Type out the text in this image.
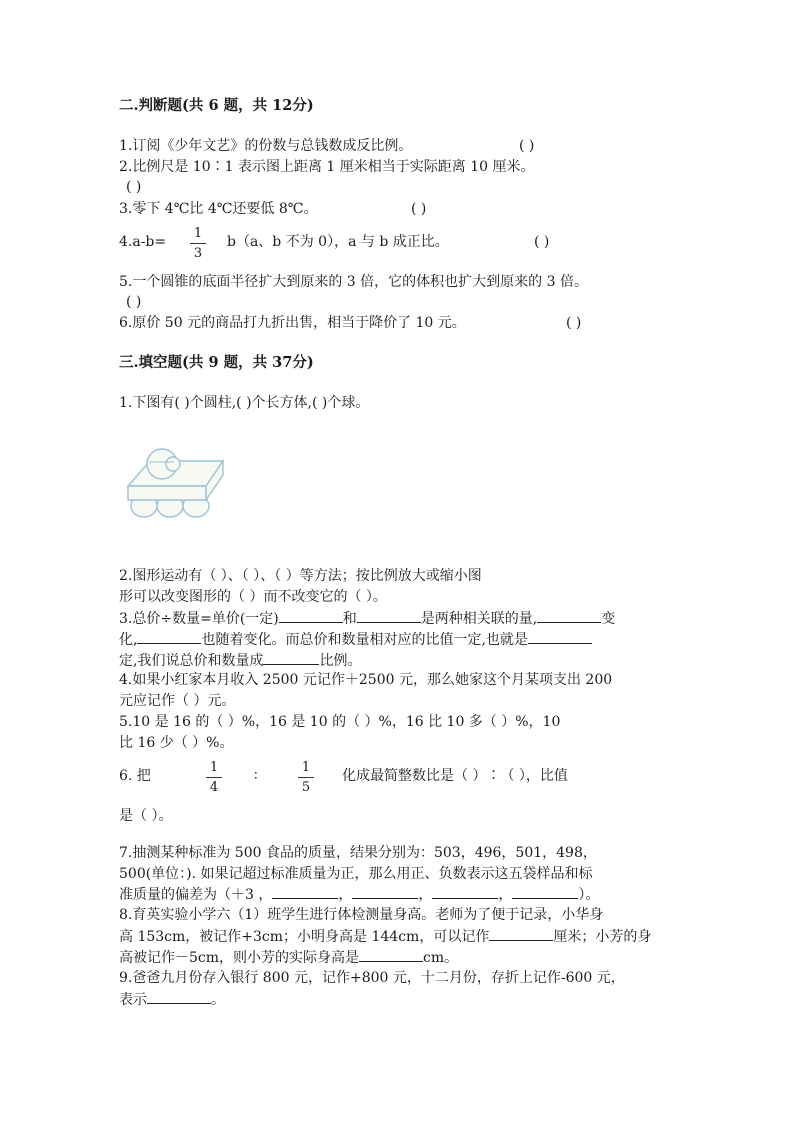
二.判断题(共 6 题，共 12分)
1.订阅《少年文艺》的份数与总钱数成反比例。	( )
2.比例尺是 10∶1 表示图上距离 1 厘米相当于实际距离 10 厘米。
( )
3.零下 4℃比 4℃还要低 8℃。	( )
4.a-b=
1
3
b（a、b 不为 0），a 与 b 成正比。	( )
5.一个圆锥的底面半径扩大到原来的 3 倍，它的体积也扩大到原来的 3 倍。
( )
6.原价 50 元的商品打九折出售，相当于降价了 10 元。	( )
三.填空题(共 9 题，共 37分)
1.下图有( )个圆柱,( )个长方体,( )个球。
2.图形运动有（ ）、（ ）、（ ）等方法；按比例放大或缩小图
形可以改变图形的（ ）而不改变它的（ ）。
3.总价÷数量=单价(一定)	和	是两种相关联的量,	变
化,	也随着变化。而总价和数量相对应的比值一定,也就是
定,我们说总价和数量成	比例。
4.如果小红家本月收入 2500 元记作＋2500 元，那么她家这个月某项支出 200
元应记作（ ）元。
5.10 是 16 的（ ）%，16 是 10 的（ ）%，16 比 10 多（ ）%，10
比 16 少（ ）%。
6. 把
1
4
∶
1
5
化成最简整数比是（ ）∶（ ），比值
是（ ）。
7.抽测某种标准为 500 食品的质量，结果分别为：503，496，501，498，
500(单位：). 如果记超过标准质量为正，那么用正、负数表示这五袋样品和标
准质量的偏差为（＋3 ，	，	，	，	）。
8.育英实验小学六（1）班学生进行体检测量身高。老师为了便于记录，小华身
高 153cm，被记作+3cm；小明身高是 144cm，可以记作	厘米；小芳的身
高被记作－5cm，则小芳的实际身高是	cm。
9.爸爸九月份存入银行 800 元，记作+800 元，十二月份，存折上记作-600 元，
表示	。
